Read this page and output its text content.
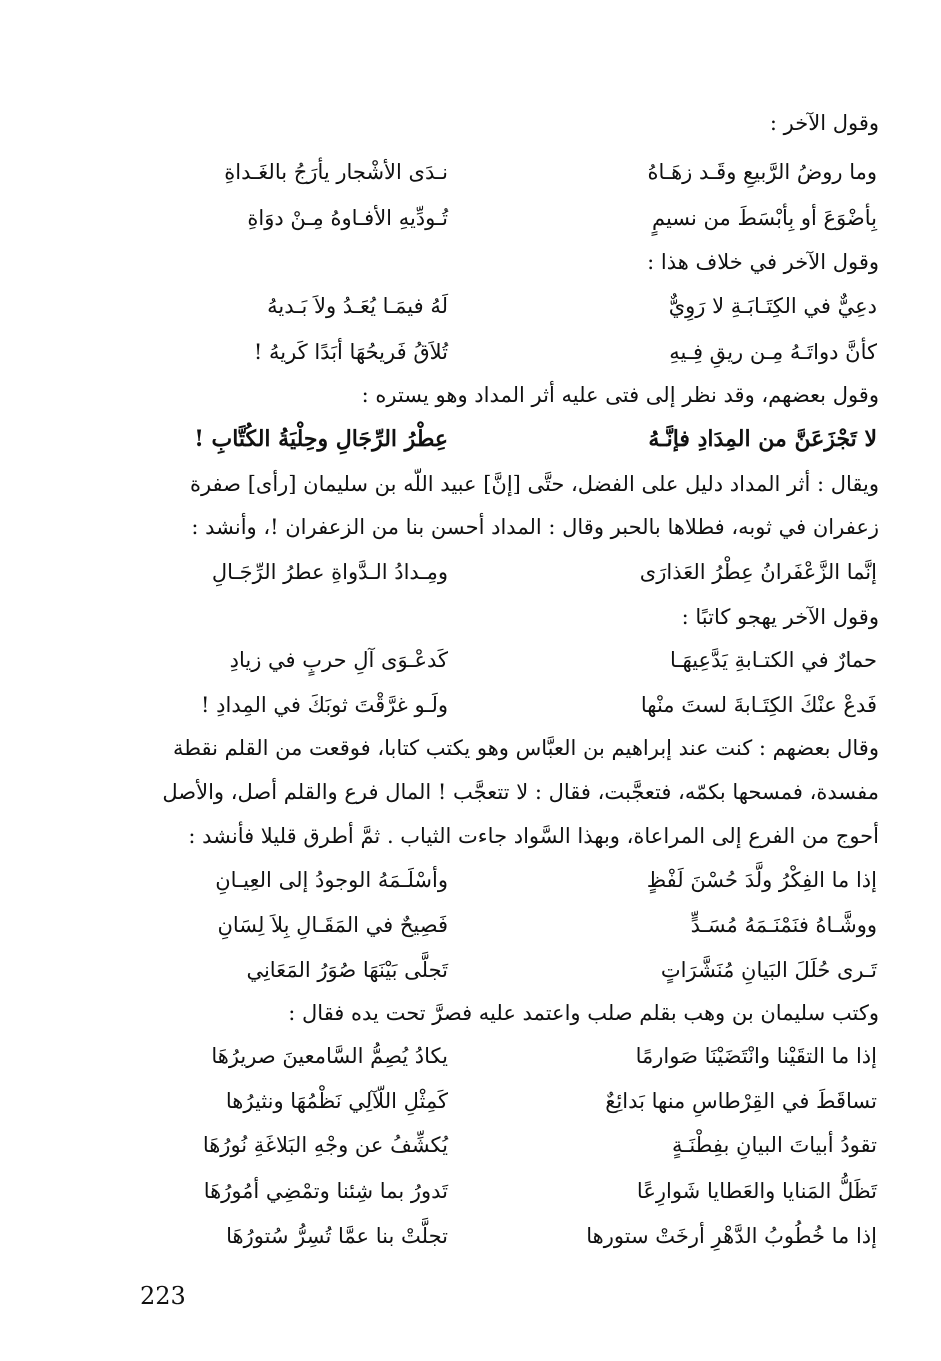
وقول الآخر :
وما روضُ الرَّبيعِ وقَـد زهَـاهُ
نـدَى الأشْجار يأرَجُ بالغَـداةِ
بِأضْوَعَ أو بِأبْسَطَ من نسيمٍ
تُـودِّيهِ الأفـاوهُ مِـنْ دوَاةِ
وقول الآخر في خلاف هذا :
دعِيٌّ في الكِتَـابَـةِ لا رَوِيٌّ
لَهُ فيمَـا يُعَـدُ ولاَ بَـديهُ
كأنَّ دواتَـهُ مِـن ريقِ فِـيهِ
تُلاَقُ فَريحُهَا أبَدًا كَريهُ !
وقول بعضهم، وقد نظر إلى فتى عليه أثر المداد وهو يستره :
لا تَجْزَعَنَّ من المِدَادِ فإنَّـهُ
عِطْرُ الرِّجَالِ وحِلْيَةُ الكُتَّابِ !
ويقال : أثر المداد دليل على الفضل، حتَّى [إنَّ] عبيد اللّه بن سليمان [رأى] صفرة
زعفران في ثوبه، فطلاها بالحبر وقال : المداد أحسن بنا من الزعفران !، وأنشد :
إنَّما الزَّعْفَرانُ عِطْرُ العَذارَى
ومِـدادُ الـدَّواةِ عطرُ الرِّجَـالِ
وقول الآخر يهجو كاتبًا :
حمارٌ في الكتـابةِ يَدَّعِيهَـا
كَدعْـوَى آلِ حربٍ في زيادِ
فَدعْ عنْكَ الكِتَـابةَ لستَ منْها
ولَـو غرَّقْتَ ثوبَكَ في المِدادِ !
وقال بعضهم : كنت عند إبراهيم بن العبَّاس وهو يكتب كتابا، فوقعت من القلم نقطة
مفسدة، فمسحها بكمّه، فتعجَّبت، فقال : لا تتعجَّب ! المال فرع والقلم أصل، والأصل
أحوج من الفرع إلى المراعاة، وبهذا السَّواد جاءت الثياب . ثمَّ أطرق قليلا فأنشد :
إذا ما الفِكْرُ ولَّدَ حُسْنَ لَفْظٍ
وأسْلَـمَهُ الوجودُ إلى العِيـانِ
ووشَّـاهُ فنَمْنَـمَهُ مُسَـدٍّ
فَصِيحٌ في المَقَـالِ بِلاَ لِسَانِ
تَـرى حُلَلَ البَيانِ مُنَشَّرَاتٍ
تَجلَّى بَيْنَهَا صُوَرُ المَعَانِي
وكتب سليمان بن وهب بقلم صلب واعتمد عليه فصرَّ تحت يده فقال :
إذا ما التقَيْنا وانْتَضَيْنَا صَوارمًا
يكادُ يُصِمُّ السَّامعينَ صريرُهَا
تساقَطَ في القِرْطاسِ منها بَدائِعٌ
كَمِثْلِ اللّآلِي نَظْمُهَا ونثيرُها
تقودُ أبياتَ البيانِ بفِطْنَـةٍ
يُكشِّفُ عن وجْهِ البَلاغَةِ نُورُهَا
تَظَلُّ المَنايا والعَطايا شَوارِعًا
تَدورُ بما شِئنا وتمْضِي أمُورُهَا
إذا ما خُطُوبُ الدَّهْرِ أرخَتْ ستورها
تجلَّتْ بنا عمَّا تُسِرُّ سُتورُهَا
223
